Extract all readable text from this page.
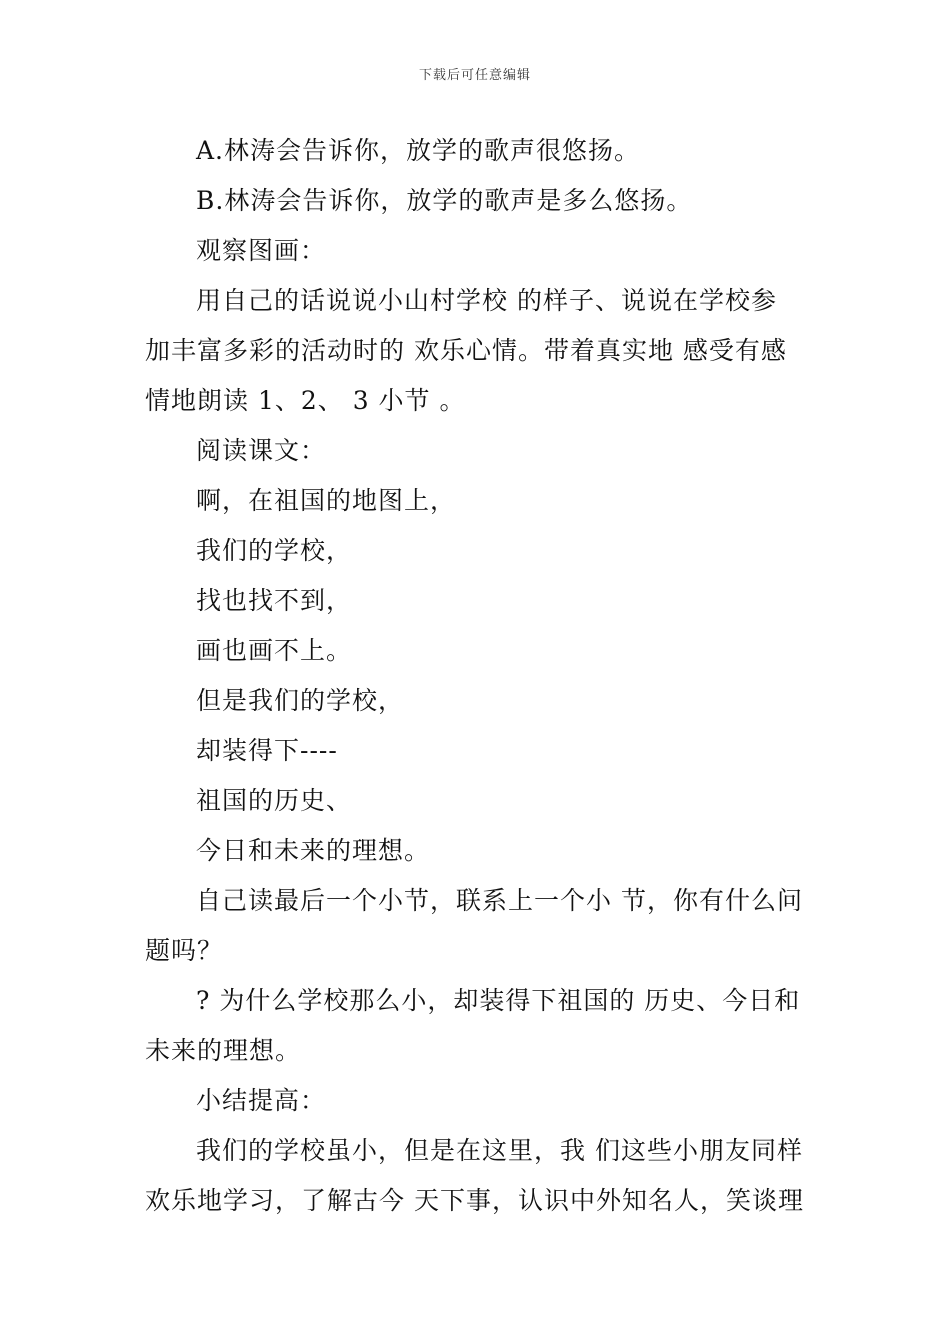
下载后可任意编辑

A.林涛会告诉你，放学的歌声很悠扬。

B.林涛会告诉你，放学的歌声是多么悠扬。

观察图画：

用自己的话说说小山村学校 的样子、说说在学校参
加丰富多彩的活动时的 欢乐心情。带着真实地 感受有感
情地朗读 1、2、 3 小节 。

阅读课文：

啊，在祖国的地图上，

我们的学校，

找也找不到，

画也画不上。

但是我们的学校，

却装得下----

祖国的历史、

今日和未来的理想。

自己读最后一个小节，联系上一个小 节，你有什么问
题吗？

? 为什么学校那么小，却装得下祖国的 历史、今日和
未来的理想。

小结提高：

我们的学校虽小，但是在这里，我 们这些小朋友同样
欢乐地学习，了解古今 天下事，认识中外知名人，笑谈理
